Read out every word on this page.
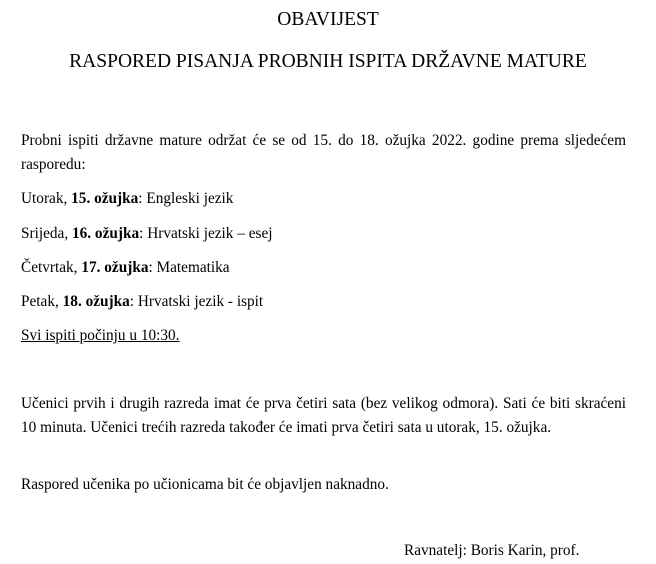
OBAVIJEST
RASPORED PISANJA PROBNIH ISPITA DRŽAVNE MATURE

Probni ispiti državne mature održat će se od 15. do 18. ožujka 2022. godine prema sljedećem rasporedu:

Utorak, 15. ožujka: Engleski jezik

Srijeda, 16. ožujka: Hrvatski jezik – esej

Četvrtak, 17. ožujka: Matematika

Petak, 18. ožujka: Hrvatski jezik - ispit

Svi ispiti počinju u 10:30.

Učenici prvih i drugih razreda imat će prva četiri sata (bez velikog odmora). Sati će biti skraćeni 10 minuta. Učenici trećih razreda također će imati prva četiri sata u utorak, 15. ožujka.

Raspored učenika po učionicama bit će objavljen naknadno.

Ravnatelj: Boris Karin, prof.
